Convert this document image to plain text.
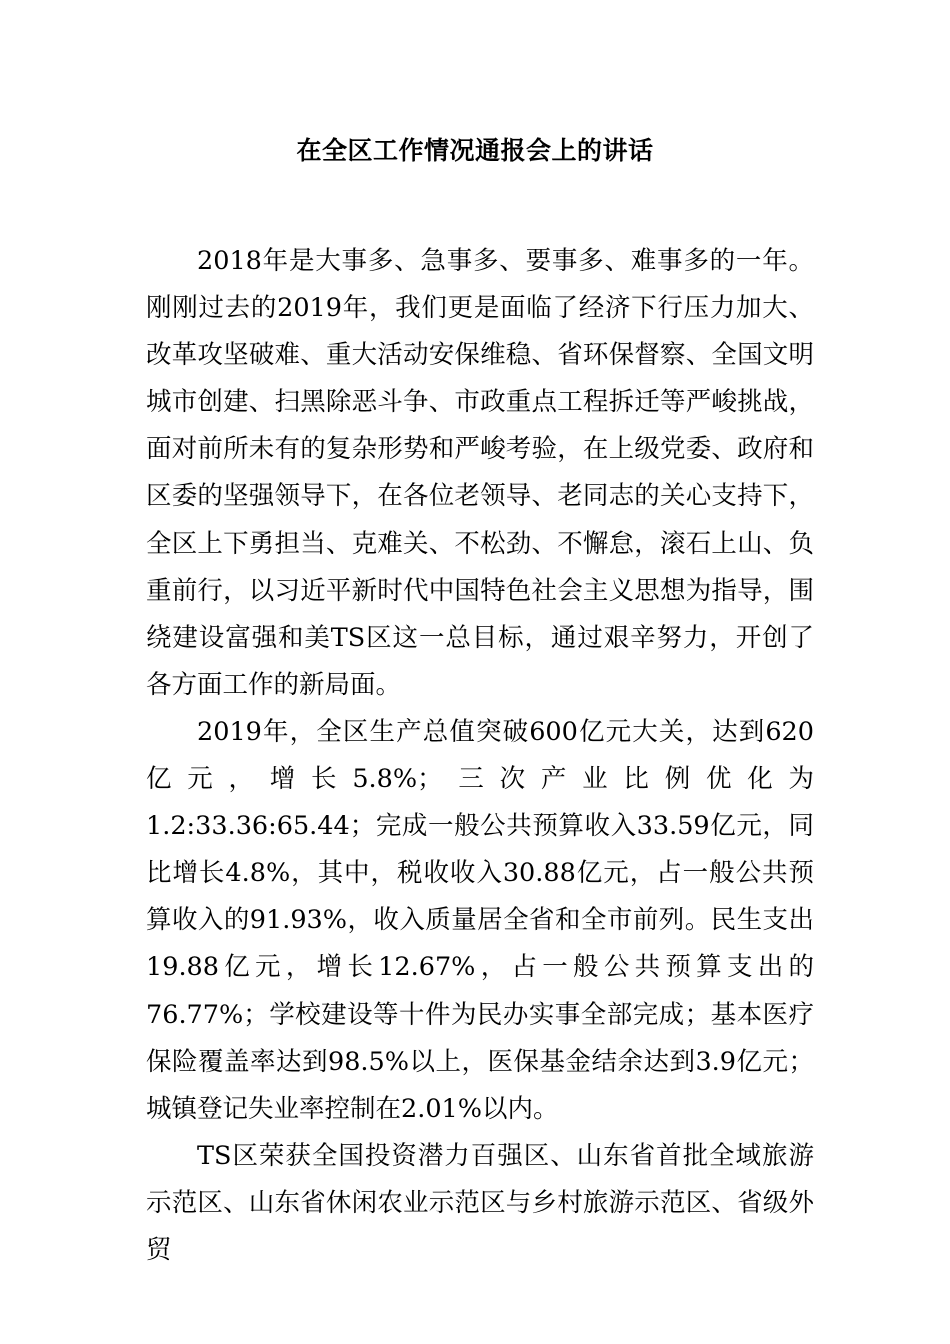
在全区工作情况通报会上的讲话

2018年是大事多、急事多、要事多、难事多的一年。刚刚过去的2019年，我们更是面临了经济下行压力加大、改革攻坚破难、重大活动安保维稳、省环保督察、全国文明城市创建、扫黑除恶斗争、市政重点工程拆迁等严峻挑战，面对前所未有的复杂形势和严峻考验，在上级党委、政府和区委的坚强领导下，在各位老领导、老同志的关心支持下，全区上下勇担当、克难关、不松劲、不懈怠，滚石上山、负重前行，以习近平新时代中国特色社会主义思想为指导，围绕建设富强和美TS区这一总目标，通过艰辛努力，开创了各方面工作的新局面。

2019年，全区生产总值突破600亿元大关，达到620亿元，增长5.8%；三次产业比例优化为1.2:33.36:65.44；完成一般公共预算收入33.59亿元，同比增长4.8%，其中，税收收入30.88亿元，占一般公共预算收入的91.93%，收入质量居全省和全市前列。民生支出19.88亿元，增长12.67%，占一般公共预算支出的76.77%；学校建设等十件为民办实事全部完成；基本医疗保险覆盖率达到98.5%以上，医保基金结余达到3.9亿元；城镇登记失业率控制在2.01%以内。

TS区荣获全国投资潜力百强区、山东省首批全域旅游示范区、山东省休闲农业示范区与乡村旅游示范区、省级外贸
